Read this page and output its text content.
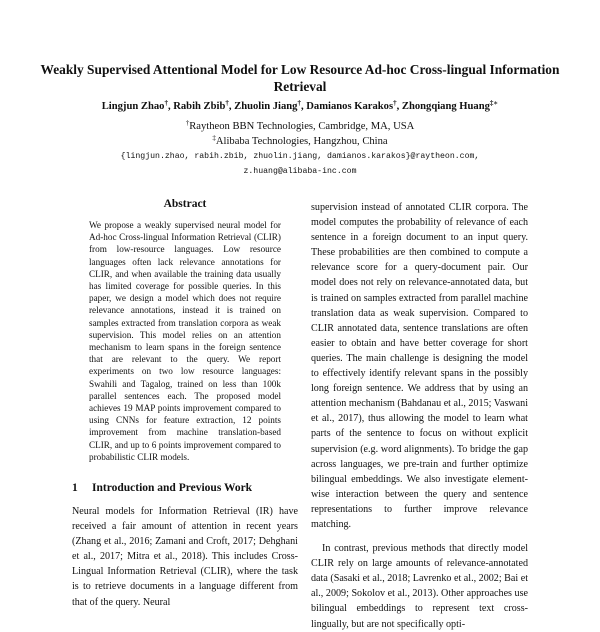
Weakly Supervised Attentional Model for Low Resource Ad-hoc Cross-lingual Information Retrieval
Lingjun Zhao†, Rabih Zbib†, Zhuolin Jiang†, Damianos Karakos†, Zhongqiang Huang‡∗
†Raytheon BBN Technologies, Cambridge, MA, USA
‡Alibaba Technologies, Hangzhou, China
{lingjun.zhao, rabih.zbib, zhuolin.jiang, damianos.karakos}@raytheon.com,
z.huang@alibaba-inc.com
Abstract

We propose a weakly supervised neural model for Ad-hoc Cross-lingual Information Retrieval (CLIR) from low-resource languages. Low resource languages often lack relevance annotations for CLIR, and when available the training data usually has limited coverage for possible queries. In this paper, we design a model which does not require relevance annotations, instead it is trained on samples extracted from translation corpora as weak supervision. This model relies on an attention mechanism to learn spans in the foreign sentence that are relevant to the query. We report experiments on two low resource languages: Swahili and Tagalog, trained on less than 100k parallel sentences each. The proposed model achieves 19 MAP points improvement compared to using CNNs for feature extraction, 12 points improvement from machine translation-based CLIR, and up to 6 points improvement compared to probabilistic CLIR models.

1 Introduction and Previous Work

Neural models for Information Retrieval (IR) have received a fair amount of attention in recent years (Zhang et al., 2016; Zamani and Croft, 2017; Dehghani et al., 2017; Mitra et al., 2018). This includes Cross-Lingual Information Retrieval (CLIR), where the task is to retrieve documents in a language different from that of the query. Neural

supervision instead of annotated CLIR corpora. The model computes the probability of relevance of each sentence in a foreign document to an input query. These probabilities are then combined to compute a relevance score for a query-document pair. Our model does not rely on relevance-annotated data, but is trained on samples extracted from parallel machine translation data as weak supervision. Compared to CLIR annotated data, sentence translations are often easier to obtain and have better coverage for short queries. The main challenge is designing the model to effectively identify relevant spans in the possibly long foreign sentence. We address that by using an attention mechanism (Bahdanau et al., 2015; Vaswani et al., 2017), thus allowing the model to learn what parts of the sentence to focus on without explicit supervision (e.g. word alignments). To bridge the gap across languages, we pre-train and further optimize bilingual embeddings. We also investigate element-wise interaction between the query and sentence representations to further improve relevance matching.

In contrast, previous methods that directly model CLIR rely on large amounts of relevance-annotated data (Sasaki et al., 2018; Lavrenko et al., 2002; Bai et al., 2009; Sokolov et al., 2013). Other approaches use bilingual embeddings to represent text cross-lingually, but are not specifically opti-
